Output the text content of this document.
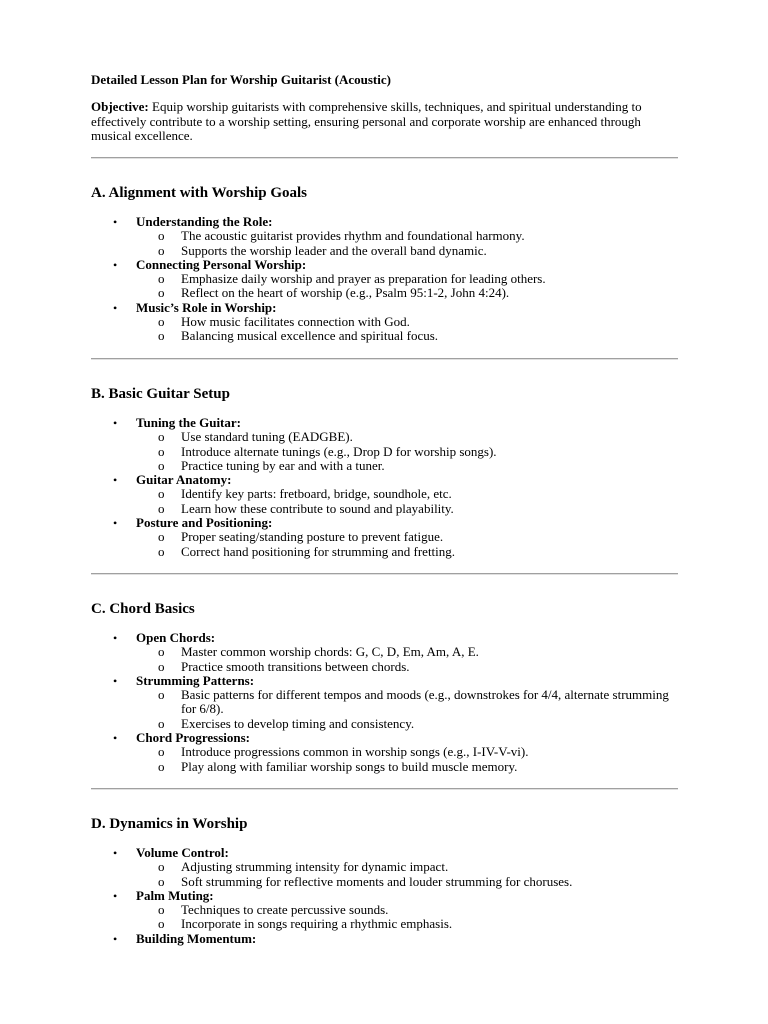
Detailed Lesson Plan for Worship Guitarist (Acoustic)
Objective: Equip worship guitarists with comprehensive skills, techniques, and spiritual understanding to effectively contribute to a worship setting, ensuring personal and corporate worship are enhanced through musical excellence.
A. Alignment with Worship Goals
• Understanding the Role:
o The acoustic guitarist provides rhythm and foundational harmony.
o Supports the worship leader and the overall band dynamic.
• Connecting Personal Worship:
o Emphasize daily worship and prayer as preparation for leading others.
o Reflect on the heart of worship (e.g., Psalm 95:1-2, John 4:24).
• Music’s Role in Worship:
o How music facilitates connection with God.
o Balancing musical excellence and spiritual focus.
B. Basic Guitar Setup
• Tuning the Guitar:
o Use standard tuning (EADGBE).
o Introduce alternate tunings (e.g., Drop D for worship songs).
o Practice tuning by ear and with a tuner.
• Guitar Anatomy:
o Identify key parts: fretboard, bridge, soundhole, etc.
o Learn how these contribute to sound and playability.
• Posture and Positioning:
o Proper seating/standing posture to prevent fatigue.
o Correct hand positioning for strumming and fretting.
C. Chord Basics
• Open Chords:
o Master common worship chords: G, C, D, Em, Am, A, E.
o Practice smooth transitions between chords.
• Strumming Patterns:
o Basic patterns for different tempos and moods (e.g., downstrokes for 4/4, alternate strumming for 6/8).
o Exercises to develop timing and consistency.
• Chord Progressions:
o Introduce progressions common in worship songs (e.g., I-IV-V-vi).
o Play along with familiar worship songs to build muscle memory.
D. Dynamics in Worship
• Volume Control:
o Adjusting strumming intensity for dynamic impact.
o Soft strumming for reflective moments and louder strumming for choruses.
• Palm Muting:
o Techniques to create percussive sounds.
o Incorporate in songs requiring a rhythmic emphasis.
• Building Momentum:
